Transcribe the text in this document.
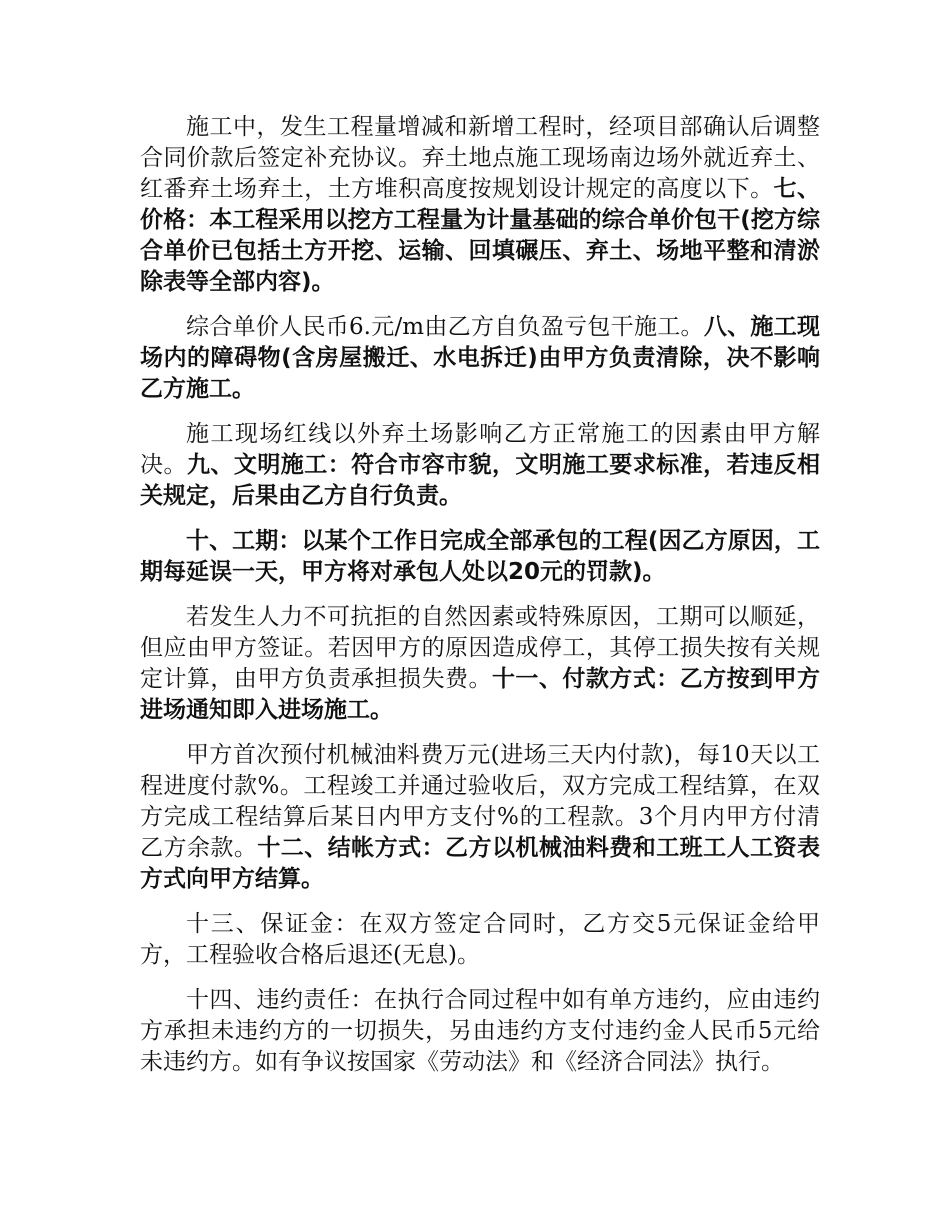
施工中，发生工程量增减和新增工程时，经项目部确认后调整合同价款后签定补充协议。弃土地点施工现场南边场外就近弃土、红番弃土场弃土，土方堆积高度按规划设计规定的高度以下。七、价格：本工程采用以挖方工程量为计量基础的综合单价包干(挖方综合单价已包括土方开挖、运输、回填碾压、弃土、场地平整和清淤除表等全部内容)。

综合单价人民币6.元/m由乙方自负盈亏包干施工。八、施工现场内的障碍物(含房屋搬迁、水电拆迁)由甲方负责清除，决不影响乙方施工。

施工现场红线以外弃土场影响乙方正常施工的因素由甲方解决。九、文明施工：符合市容市貌，文明施工要求标准，若违反相关规定，后果由乙方自行负责。

十、工期：以某个工作日完成全部承包的工程(因乙方原因，工期每延误一天，甲方将对承包人处以20元的罚款)。

若发生人力不可抗拒的自然因素或特殊原因，工期可以顺延，但应由甲方签证。若因甲方的原因造成停工，其停工损失按有关规定计算，由甲方负责承担损失费。十一、付款方式：乙方按到甲方进场通知即入进场施工。

甲方首次预付机械油料费万元(进场三天内付款)，每10天以工程进度付款%。工程竣工并通过验收后，双方完成工程结算，在双方完成工程结算后某日内甲方支付%的工程款。3个月内甲方付清乙方余款。十二、结帐方式：乙方以机械油料费和工班工人工资表方式向甲方结算。

十三、保证金：在双方签定合同时，乙方交5元保证金给甲方，工程验收合格后退还(无息)。

十四、违约责任：在执行合同过程中如有单方违约，应由违约方承担未违约方的一切损失，另由违约方支付违约金人民币5元给未违约方。如有争议按国家《劳动法》和《经济合同法》执行。
